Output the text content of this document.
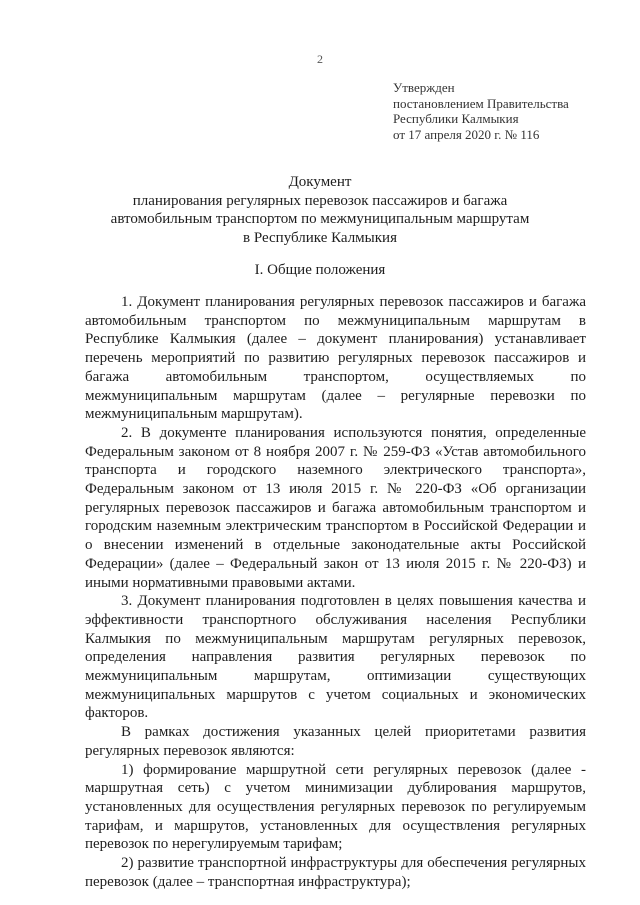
2
Утвержден
постановлением Правительства
Республики Калмыкия
от 17 апреля 2020 г. № 116
Документ
планирования регулярных перевозок пассажиров и багажа
автомобильным транспортом по межмуниципальным маршрутам
в Республике Калмыкия
I. Общие положения

1. Документ планирования регулярных перевозок пассажиров и багажа автомобильным транспортом по межмуниципальным маршрутам в Республике Калмыкия (далее – документ планирования) устанавливает перечень мероприятий по развитию регулярных перевозок пассажиров и багажа автомобильным транспортом, осуществляемых по межмуниципальным маршрутам (далее – регулярные перевозки по межмуниципальным маршрутам).

2. В документе планирования используются понятия, определенные Федеральным законом от 8 ноября 2007 г. № 259-ФЗ «Устав автомобильного транспорта и городского наземного электрического транспорта», Федеральным законом от 13 июля 2015 г. № 220-ФЗ «Об организации регулярных перевозок пассажиров и багажа автомобильным транспортом и городским наземным электрическим транспортом в Российской Федерации и о внесении изменений в отдельные законодательные акты Российской Федерации» (далее – Федеральный закон от 13 июля 2015 г. № 220-ФЗ) и иными нормативными правовыми актами.

3. Документ планирования подготовлен в целях повышения качества и эффективности транспортного обслуживания населения Республики Калмыкия по межмуниципальным маршрутам регулярных перевозок, определения направления развития регулярных перевозок по межмуниципальным маршрутам, оптимизации существующих межмуниципальных маршрутов с учетом социальных и экономических факторов.

В рамках достижения указанных целей приоритетами развития регулярных перевозок являются:

1) формирование маршрутной сети регулярных перевозок (далее - маршрутная сеть) с учетом минимизации дублирования маршрутов, установленных для осуществления регулярных перевозок по регулируемым тарифам, и маршрутов, установленных для осуществления регулярных перевозок по нерегулируемым тарифам;

2) развитие транспортной инфраструктуры для обеспечения регулярных перевозок (далее – транспортная инфраструктура);
